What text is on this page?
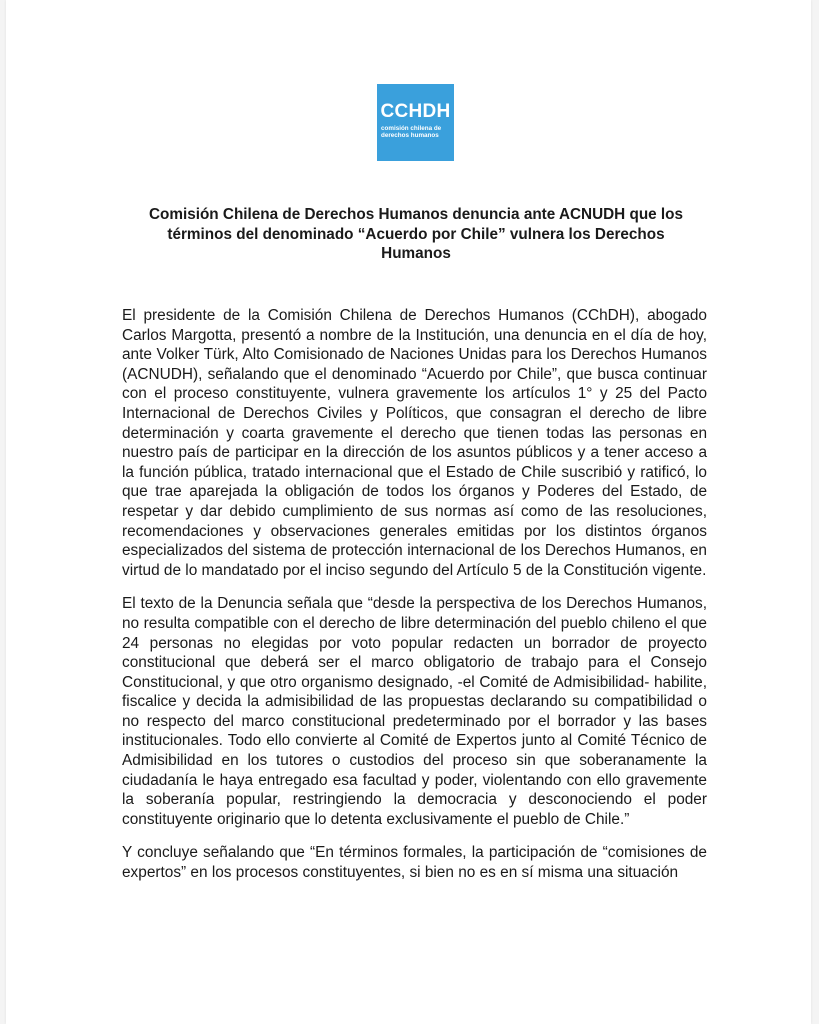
CCHDH
comisión chilena de
derechos humanos
Comisión Chilena de Derechos Humanos denuncia ante ACNUDH que los
términos del denominado “Acuerdo por Chile” vulnera los Derechos
Humanos

El presidente de la Comisión Chilena de Derechos Humanos (CChDH), abogado Carlos Margotta, presentó a nombre de la Institución, una denuncia en el día de hoy, ante Volker Türk, Alto Comisionado de Naciones Unidas para los Derechos Humanos (ACNUDH), señalando que el denominado “Acuerdo por Chile”, que busca continuar con el proceso constituyente, vulnera gravemente los artículos 1° y 25 del Pacto Internacional de Derechos Civiles y Políticos, que consagran el derecho de libre determinación y coarta gravemente el derecho que tienen todas las personas en nuestro país de participar en la dirección de los asuntos públicos y a tener acceso a la función pública, tratado internacional que el Estado de Chile suscribió y ratificó, lo que trae aparejada la obligación de todos los órganos y Poderes del Estado, de respetar y dar debido cumplimiento de sus normas así como de las resoluciones, recomendaciones y observaciones generales emitidas por los distintos órganos especializados del sistema de protección internacional de los Derechos Humanos, en virtud de lo mandatado por el inciso segundo del Artículo 5 de la Constitución vigente.

El texto de la Denuncia señala que “desde la perspectiva de los Derechos Humanos, no resulta compatible con el derecho de libre determinación del pueblo chileno el que 24 personas no elegidas por voto popular redacten un borrador de proyecto constitucional que deberá ser el marco obligatorio de trabajo para el Consejo Constitucional, y que otro organismo designado, -el Comité de Admisibilidad- habilite, fiscalice y decida la admisibilidad de las propuestas declarando su compatibilidad o no respecto del marco constitucional predeterminado por el borrador y las bases institucionales. Todo ello convierte al Comité de Expertos junto al Comité Técnico de Admisibilidad en los tutores o custodios del proceso sin que soberanamente la ciudadanía le haya entregado esa facultad y poder, violentando con ello gravemente la soberanía popular, restringiendo la democracia y desconociendo el poder constituyente originario que lo detenta exclusivamente el pueblo de Chile.”

Y concluye señalando que “En términos formales, la participación de “comisiones de expertos” en los procesos constituyentes, si bien no es en sí misma una situación
